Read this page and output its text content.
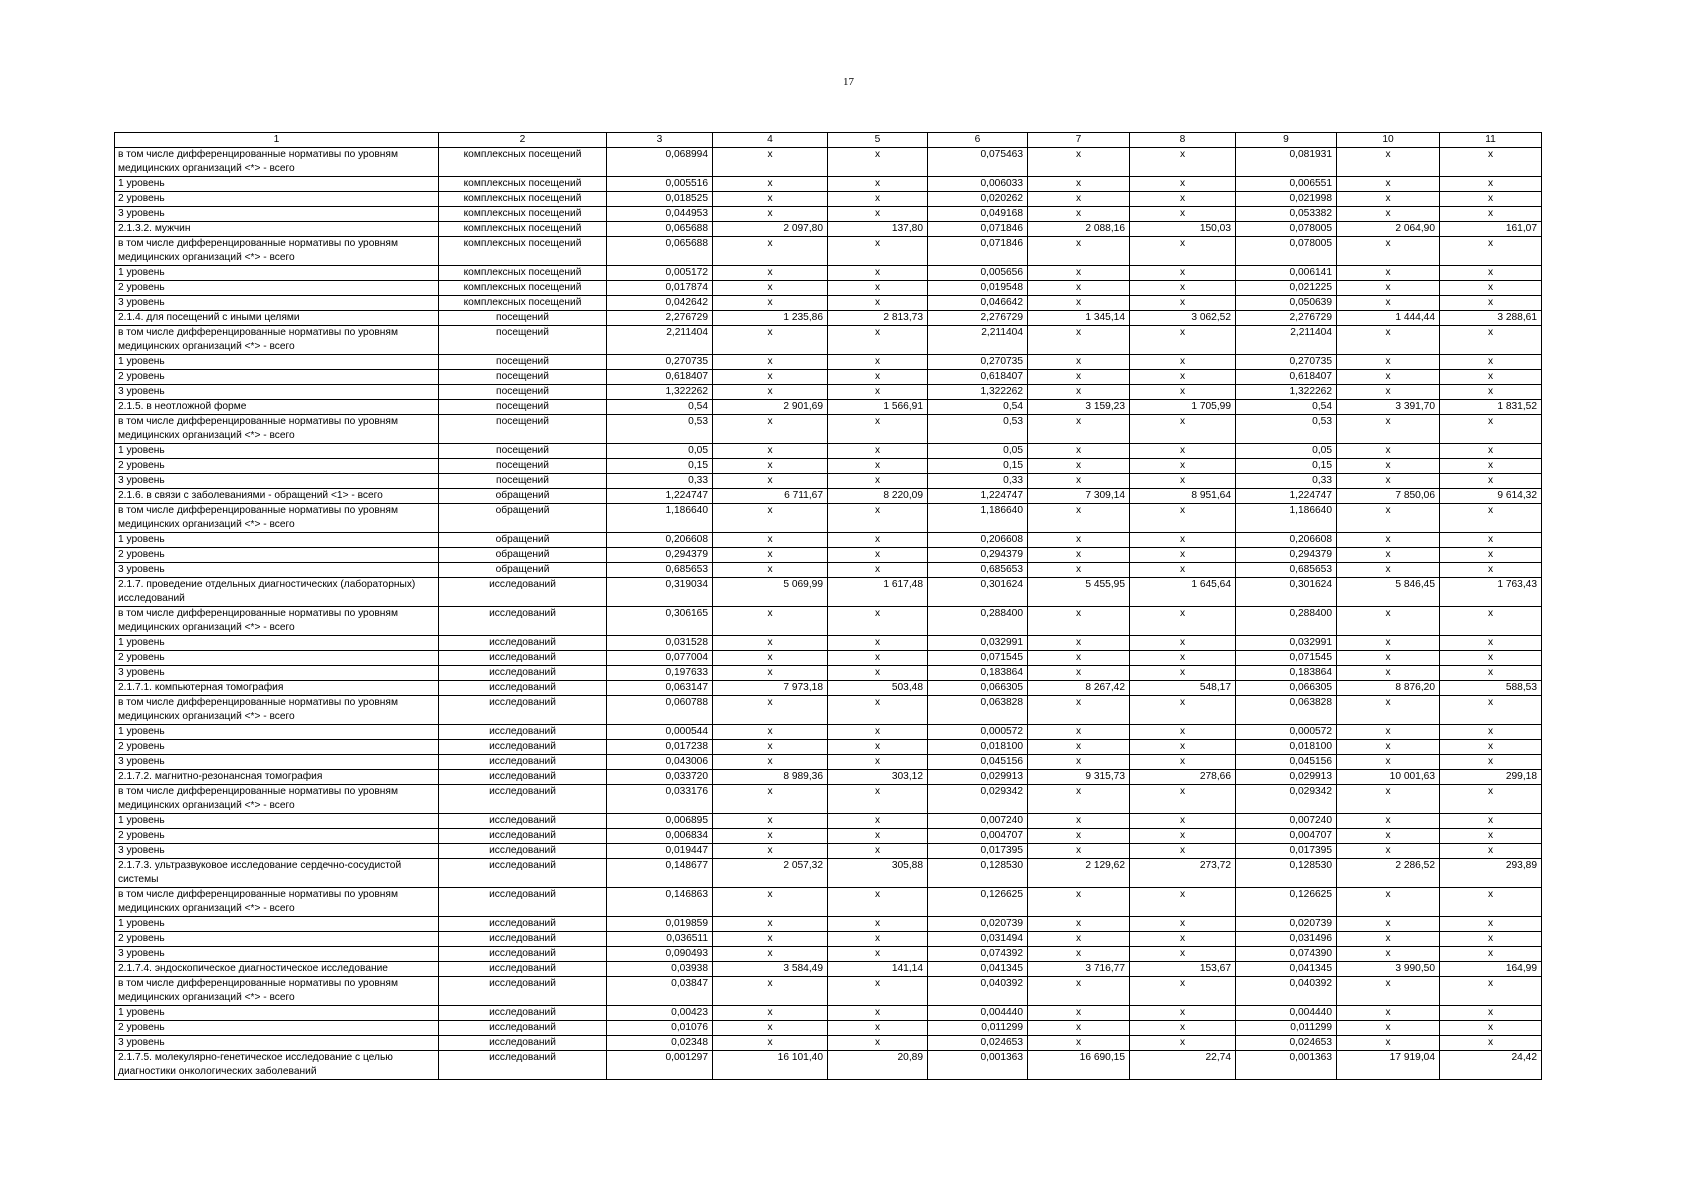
17
1	2	3	4	5	6	7	8	9	10	11
в том числе дифференцированные нормативы по уровням медицинских организаций <*> - всего	комплексных посещений	0,068994	x	x	0,075463	x	x	0,081931	x	x
1 уровень	комплексных посещений	0,005516	x	x	0,006033	x	x	0,006551	x	x
2 уровень	комплексных посещений	0,018525	x	x	0,020262	x	x	0,021998	x	x
3 уровень	комплексных посещений	0,044953	x	x	0,049168	x	x	0,053382	x	x
2.1.3.2. мужчин	комплексных посещений	0,065688	2 097,80	137,80	0,071846	2 088,16	150,03	0,078005	2 064,90	161,07
в том числе дифференцированные нормативы по уровням медицинских организаций <*> - всего	комплексных посещений	0,065688	x	x	0,071846	x	x	0,078005	x	x
1 уровень	комплексных посещений	0,005172	x	x	0,005656	x	x	0,006141	x	x
2 уровень	комплексных посещений	0,017874	x	x	0,019548	x	x	0,021225	x	x
3 уровень	комплексных посещений	0,042642	x	x	0,046642	x	x	0,050639	x	x
2.1.4. для посещений с иными целями	посещений	2,276729	1 235,86	2 813,73	2,276729	1 345,14	3 062,52	2,276729	1 444,44	3 288,61
в том числе дифференцированные нормативы по уровням медицинских организаций <*> - всего	посещений	2,211404	x	x	2,211404	x	x	2,211404	x	x
1 уровень	посещений	0,270735	x	x	0,270735	x	x	0,270735	x	x
2 уровень	посещений	0,618407	x	x	0,618407	x	x	0,618407	x	x
3 уровень	посещений	1,322262	x	x	1,322262	x	x	1,322262	x	x
2.1.5. в неотложной форме	посещений	0,54	2 901,69	1 566,91	0,54	3 159,23	1 705,99	0,54	3 391,70	1 831,52
в том числе дифференцированные нормативы по уровням медицинских организаций <*> - всего	посещений	0,53	x	x	0,53	x	x	0,53	x	x
1 уровень	посещений	0,05	x	x	0,05	x	x	0,05	x	x
2 уровень	посещений	0,15	x	x	0,15	x	x	0,15	x	x
3 уровень	посещений	0,33	x	x	0,33	x	x	0,33	x	x
2.1.6. в связи с заболеваниями - обращений <1> - всего	обращений	1,224747	6 711,67	8 220,09	1,224747	7 309,14	8 951,64	1,224747	7 850,06	9 614,32
в том числе дифференцированные нормативы по уровням медицинских организаций <*> - всего	обращений	1,186640	x	x	1,186640	x	x	1,186640	x	x
1 уровень	обращений	0,206608	x	x	0,206608	x	x	0,206608	x	x
2 уровень	обращений	0,294379	x	x	0,294379	x	x	0,294379	x	x
3 уровень	обращений	0,685653	x	x	0,685653	x	x	0,685653	x	x
2.1.7. проведение отдельных диагностических (лабораторных) исследований	исследований	0,319034	5 069,99	1 617,48	0,301624	5 455,95	1 645,64	0,301624	5 846,45	1 763,43
в том числе дифференцированные нормативы по уровням медицинских организаций <*> - всего	исследований	0,306165	x	x	0,288400	x	x	0,288400	x	x
1 уровень	исследований	0,031528	x	x	0,032991	x	x	0,032991	x	x
2 уровень	исследований	0,077004	x	x	0,071545	x	x	0,071545	x	x
3 уровень	исследований	0,197633	x	x	0,183864	x	x	0,183864	x	x
2.1.7.1. компьютерная томография	исследований	0,063147	7 973,18	503,48	0,066305	8 267,42	548,17	0,066305	8 876,20	588,53
в том числе дифференцированные нормативы по уровням медицинских организаций <*> - всего	исследований	0,060788	x	x	0,063828	x	x	0,063828	x	x
1 уровень	исследований	0,000544	x	x	0,000572	x	x	0,000572	x	x
2 уровень	исследований	0,017238	x	x	0,018100	x	x	0,018100	x	x
3 уровень	исследований	0,043006	x	x	0,045156	x	x	0,045156	x	x
2.1.7.2. магнитно-резонансная томография	исследований	0,033720	8 989,36	303,12	0,029913	9 315,73	278,66	0,029913	10 001,63	299,18
в том числе дифференцированные нормативы по уровням медицинских организаций <*> - всего	исследований	0,033176	x	x	0,029342	x	x	0,029342	x	x
1 уровень	исследований	0,006895	x	x	0,007240	x	x	0,007240	x	x
2 уровень	исследований	0,006834	x	x	0,004707	x	x	0,004707	x	x
3 уровень	исследований	0,019447	x	x	0,017395	x	x	0,017395	x	x
2.1.7.3. ультразвуковое исследование сердечно-сосудистой системы	исследований	0,148677	2 057,32	305,88	0,128530	2 129,62	273,72	0,128530	2 286,52	293,89
в том числе дифференцированные нормативы по уровням медицинских организаций <*> - всего	исследований	0,146863	x	x	0,126625	x	x	0,126625	x	x
1 уровень	исследований	0,019859	x	x	0,020739	x	x	0,020739	x	x
2 уровень	исследований	0,036511	x	x	0,031494	x	x	0,031496	x	x
3 уровень	исследований	0,090493	x	x	0,074392	x	x	0,074390	x	x
2.1.7.4. эндоскопическое диагностическое исследование	исследований	0,03938	3 584,49	141,14	0,041345	3 716,77	153,67	0,041345	3 990,50	164,99
в том числе дифференцированные нормативы по уровням медицинских организаций <*> - всего	исследований	0,03847	x	x	0,040392	x	x	0,040392	x	x
1 уровень	исследований	0,00423	x	x	0,004440	x	x	0,004440	x	x
2 уровень	исследований	0,01076	x	x	0,011299	x	x	0,011299	x	x
3 уровень	исследований	0,02348	x	x	0,024653	x	x	0,024653	x	x
2.1.7.5. молекулярно-генетическое исследование с целью диагностики онкологических заболеваний	исследований	0,001297	16 101,40	20,89	0,001363	16 690,15	22,74	0,001363	17 919,04	24,42
